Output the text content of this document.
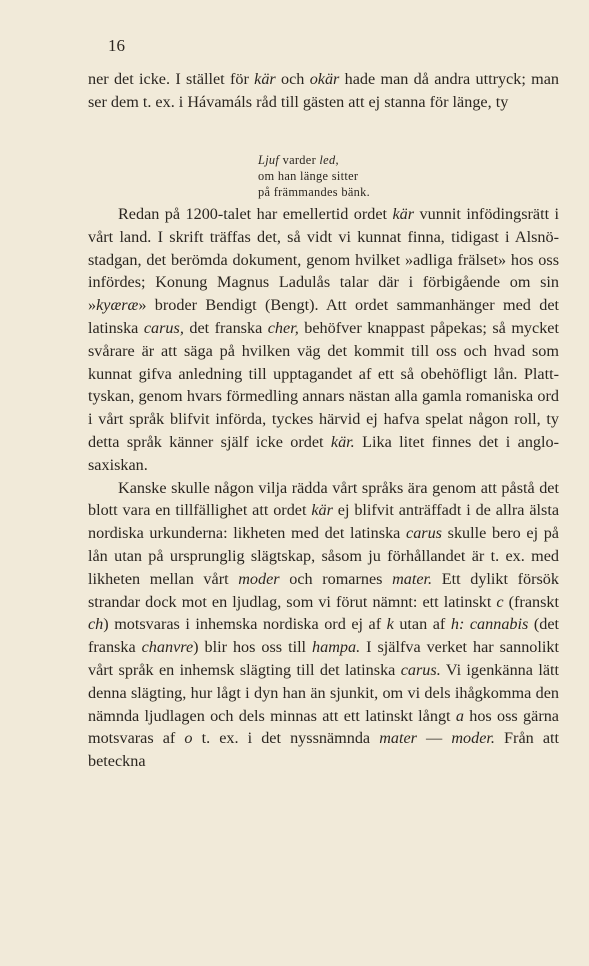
16
ner det icke. I stället för kär och okär hade man då andra uttryck; man ser dem t. ex. i Hávamáls råd till gästen att ej stanna för länge, ty
Ljuf varder led,
om han länge sitter
på främmandes bänk.
Redan på 1200-talet har emellertid ordet kär vunnit infödingsrätt i vårt land. I skrift träffas det, så vidt vi kunnat finna, tidigast i Alsnö-stadgan, det berömda dokument, genom hvilket »adliga frälset» hos oss infördes; Konung Magnus Ladulås talar där i förbigående om sin »kyæræ» broder Bendigt (Bengt). Att ordet sammanhänger med det latinska carus, det franska cher, behöfver knappast påpekas; så mycket svårare är att säga på hvilken väg det kommit till oss och hvad som kunnat gifva anledning till upptagandet af ett så obehöfligt lån. Platt-tyskan, genom hvars förmedling annars nästan alla gamla romaniska ord i vårt språk blifvit införda, tyckes härvid ej hafva spelat någon roll, ty detta språk känner själf icke ordet kär. Lika litet finnes det i anglo-saxiskan.
Kanske skulle någon vilja rädda vårt språks ära genom att påstå det blott vara en tillfällighet att ordet kär ej blifvit anträffadt i de allra älsta nordiska urkunderna: likheten med det latinska carus skulle bero ej på lån utan på ursprunglig slägtskap, såsom ju förhållandet är t. ex. med likheten mellan vårt moder och romarnes mater. Ett dylikt försök strandar dock mot en ljudlag, som vi förut nämnt: ett latinskt c (franskt ch) motsvaras i inhemska nordiska ord ej af k utan af h: cannabis (det franska chanvre) blir hos oss till hampa. I själfva verket har sannolikt vårt språk en inhemsk slägting till det latinska carus. Vi igenkänna lätt denna slägting, hur lågt i dyn han än sjunkit, om vi dels ihågkomma den nämnda ljudlagen och dels minnas att ett latinskt långt a hos oss gärna motsvaras af o t. ex. i det nyssnämnda mater — moder. Från att beteckna
